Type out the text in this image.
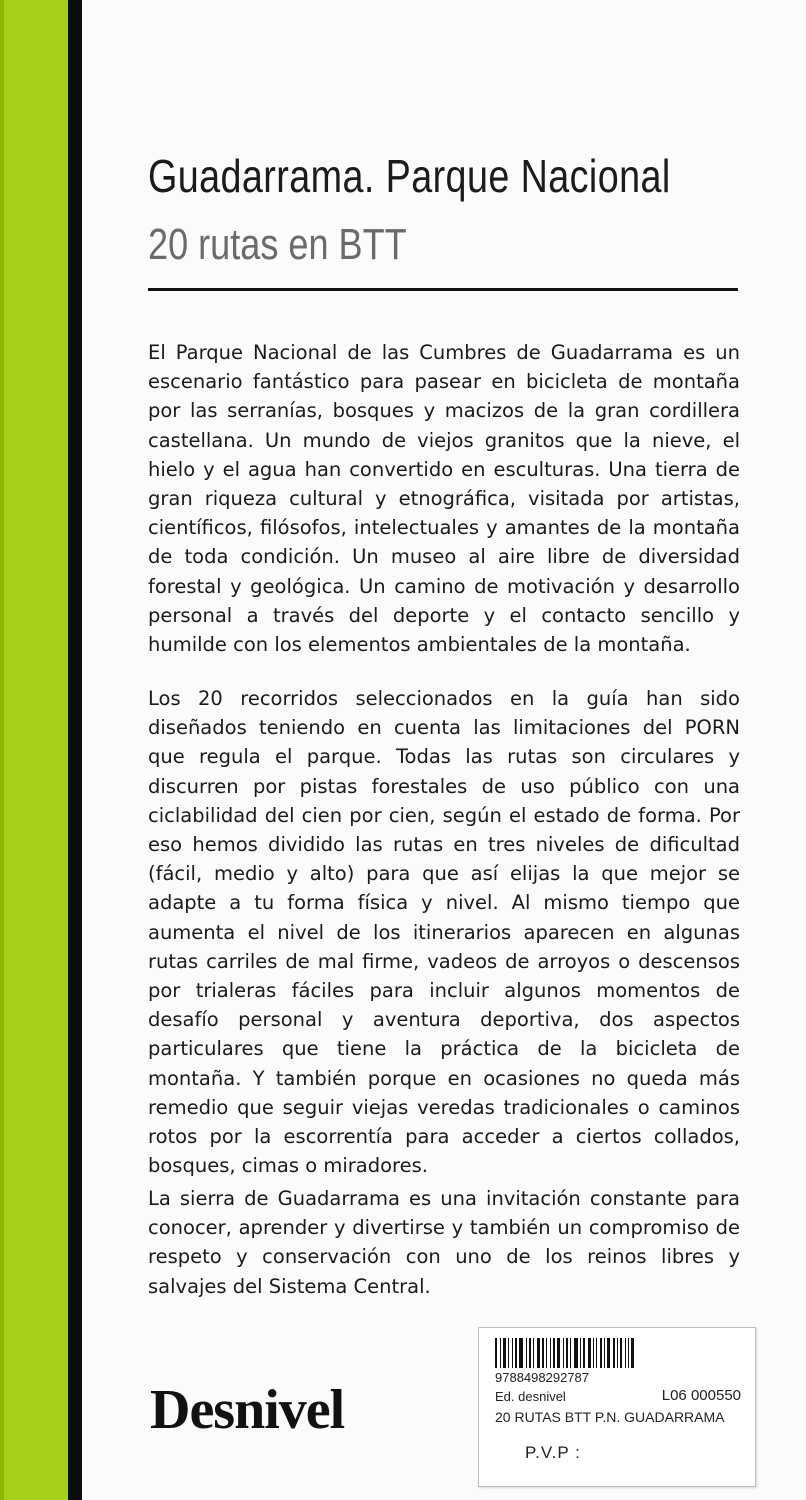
Guadarrama. Parque Nacional
20 rutas en BTT

El Parque Nacional de las Cumbres de Guadarrama es un escenario fantástico para pasear en bicicleta de montaña por las serranías, bosques y macizos de la gran cordillera castellana. Un mundo de viejos granitos que la nieve, el hielo y el agua han convertido en esculturas. Una tierra de gran riqueza cultural y etnográfica, visitada por artistas, científicos, filósofos, intelectuales y amantes de la montaña de toda condición. Un museo al aire libre de diversidad forestal y geológica. Un camino de motivación y desarrollo personal a través del deporte y el contacto sencillo y humilde con los elementos ambientales de la montaña.

Los 20 recorridos seleccionados en la guía han sido diseñados teniendo en cuenta las limitaciones del PORN que regula el parque. Todas las rutas son circulares y discurren por pistas forestales de uso público con una ciclabilidad del cien por cien, según el estado de forma. Por eso hemos dividido las rutas en tres niveles de dificultad (fácil, medio y alto) para que así elijas la que mejor se adapte a tu forma física y nivel. Al mismo tiempo que aumenta el nivel de los itinerarios aparecen en algunas rutas carriles de mal firme, vadeos de arroyos o descensos por trialeras fáciles para incluir algunos momentos de desafío personal y aventura deportiva, dos aspectos particulares que tiene la práctica de la bicicleta de montaña. Y también porque en ocasiones no queda más remedio que seguir viejas veredas tradicionales o caminos rotos por la escorrentía para acceder a ciertos collados, bosques, cimas o miradores.

La sierra de Guadarrama es una invitación constante para conocer, aprender y divertirse y también un compromiso de respeto y conservación con uno de los reinos libres y salvajes del Sistema Central.

Desnivel
9788498292787
Ed. desnivel	L06 000550
20 RUTAS BTT P.N. GUADARRAMA
P.V.P :
